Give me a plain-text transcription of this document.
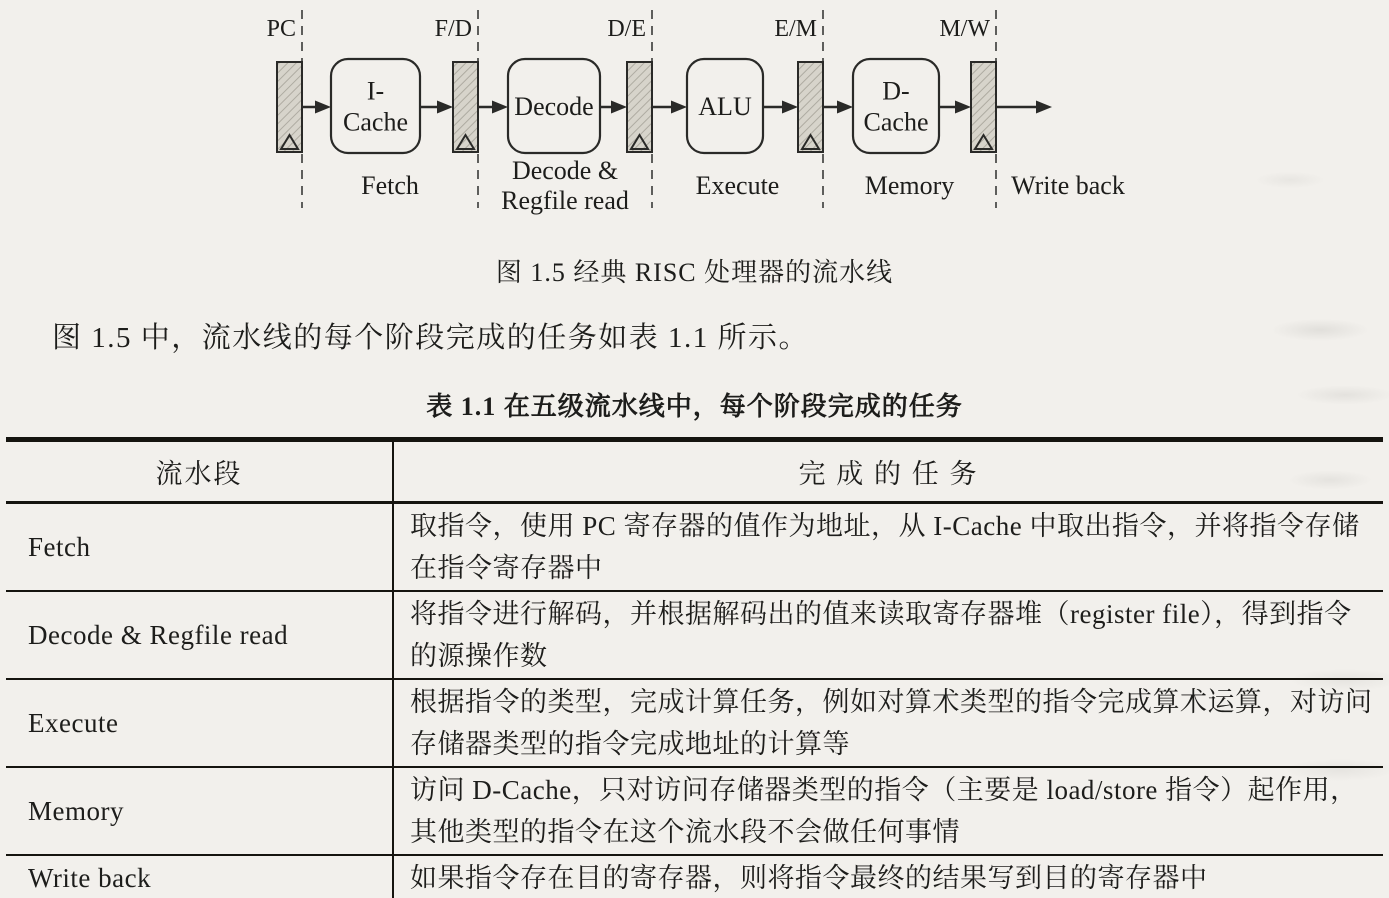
I-Cache
Decode	ALU
D-Cache
PC	F/D	D/E	E/M	M/W
Fetch
Decode & Regfile read
Execute	Memory Write back
图 1.5 经典 RISC 处理器的流水线

图 1.5 中，流水线的每个阶段完成的任务如表 1.1 所示。

表 1.1 在五级流水线中，每个阶段完成的任务
流水段	完 成 的 任 务
Fetch	取指令，使用 PC 寄存器的值作为地址，从 I-Cache 中取出指令，并将指令存储在指令寄存器中
Decode & Regfile read	将指令进行解码，并根据解码出的值来读取寄存器堆（register file），得到指令的源操作数
Execute	根据指令的类型，完成计算任务，例如对算术类型的指令完成算术运算，对访问存储器类型的指令完成地址的计算等
Memory	访问 D-Cache，只对访问存储器类型的指令（主要是 load/store 指令）起作用，其他类型的指令在这个流水段不会做任何事情
Write back	如果指令存在目的寄存器，则将指令最终的结果写到目的寄存器中
